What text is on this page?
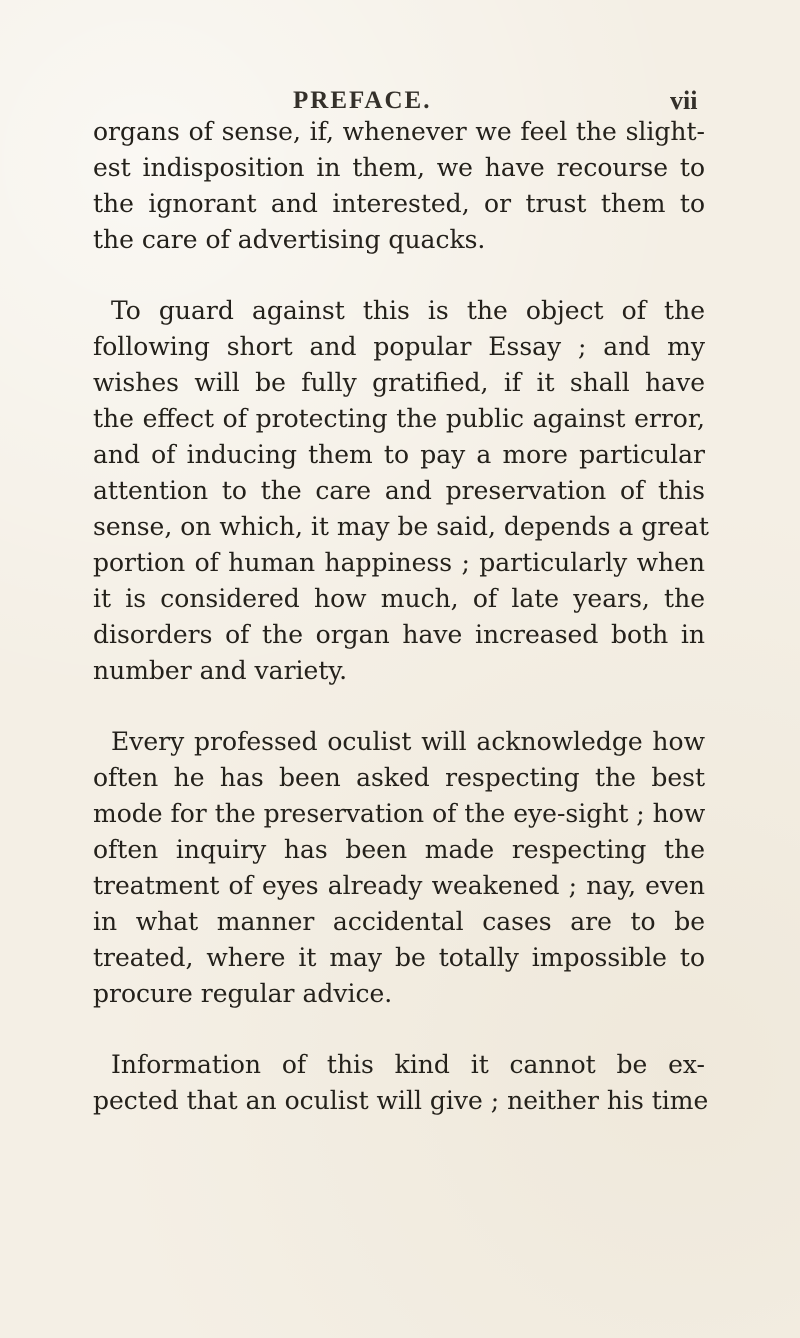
PREFACE.	vii
organs of sense, if, whenever we feel the slight-
est indisposition in them, we have recourse to
the ignorant and interested, or trust them to
the care of advertising quacks.
To guard against this is the object of the
following short and popular Essay ; and my
wishes will be fully gratified, if it shall have
the effect of protecting the public against error,
and of inducing them to pay a more particular
attention to the care and preservation of this
sense, on which, it may be said, depends a great
portion of human happiness ; particularly when
it is considered how much, of late years, the
disorders of the organ have increased both in
number and variety.
Every professed oculist will acknowledge how
often he has been asked respecting the best
mode for the preservation of the eye-sight ; how
often inquiry has been made respecting the
treatment of eyes already weakened ; nay, even
in what manner accidental cases are to be
treated, where it may be totally impossible to
procure regular advice.
Information of this kind it cannot be ex-
pected that an oculist will give ; neither his time
